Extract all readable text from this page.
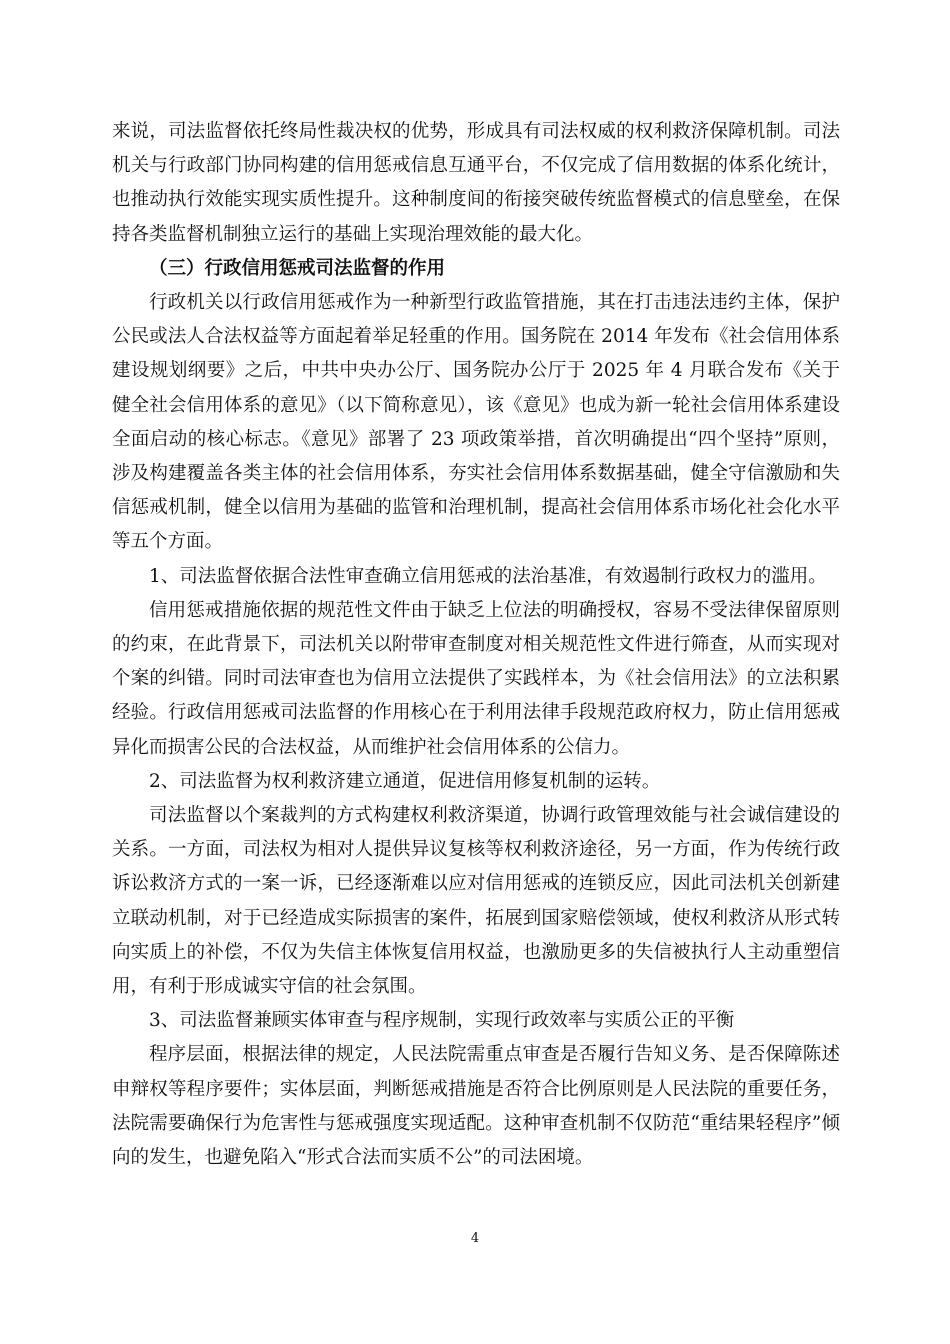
来说，司法监督依托终局性裁决权的优势，形成具有司法权威的权利救济保障机制。司法机关与行政部门协同构建的信用惩戒信息互通平台，不仅完成了信用数据的体系化统计，也推动执行效能实现实质性提升。这种制度间的衔接突破传统监督模式的信息壁垒，在保持各类监督机制独立运行的基础上实现治理效能的最大化。

（三）行政信用惩戒司法监督的作用

行政机关以行政信用惩戒作为一种新型行政监管措施，其在打击违法违约主体，保护公民或法人合法权益等方面起着举足轻重的作用。国务院在 2014 年发布《社会信用体系建设规划纲要》之后，中共中央办公厅、国务院办公厅于 2025 年 4 月联合发布《关于健全社会信用体系的意见》（以下简称意见），该《意见》也成为新一轮社会信用体系建设全面启动的核心标志。《意见》部署了 23 项政策举措，首次明确提出“四个坚持”原则，涉及构建覆盖各类主体的社会信用体系，夯实社会信用体系数据基础，健全守信激励和失信惩戒机制，健全以信用为基础的监管和治理机制，提高社会信用体系市场化社会化水平等五个方面。

1、司法监督依据合法性审查确立信用惩戒的法治基准，有效遏制行政权力的滥用。

信用惩戒措施依据的规范性文件由于缺乏上位法的明确授权，容易不受法律保留原则的约束，在此背景下，司法机关以附带审查制度对相关规范性文件进行筛查，从而实现对个案的纠错。同时司法审查也为信用立法提供了实践样本，为《社会信用法》的立法积累经验。行政信用惩戒司法监督的作用核心在于利用法律手段规范政府权力，防止信用惩戒异化而损害公民的合法权益，从而维护社会信用体系的公信力。

2、司法监督为权利救济建立通道，促进信用修复机制的运转。

司法监督以个案裁判的方式构建权利救济渠道，协调行政管理效能与社会诚信建设的关系。一方面，司法权为相对人提供异议复核等权利救济途径，另一方面，作为传统行政诉讼救济方式的一案一诉，已经逐渐难以应对信用惩戒的连锁反应，因此司法机关创新建立联动机制，对于已经造成实际损害的案件，拓展到国家赔偿领域，使权利救济从形式转向实质上的补偿，不仅为失信主体恢复信用权益，也激励更多的失信被执行人主动重塑信用，有利于形成诚实守信的社会氛围。

3、司法监督兼顾实体审查与程序规制，实现行政效率与实质公正的平衡

程序层面，根据法律的规定，人民法院需重点审查是否履行告知义务、是否保障陈述申辩权等程序要件；实体层面，判断惩戒措施是否符合比例原则是人民法院的重要任务，法院需要确保行为危害性与惩戒强度实现适配。这种审查机制不仅防范“重结果轻程序”倾向的发生，也避免陷入“形式合法而实质不公”的司法困境。

4
